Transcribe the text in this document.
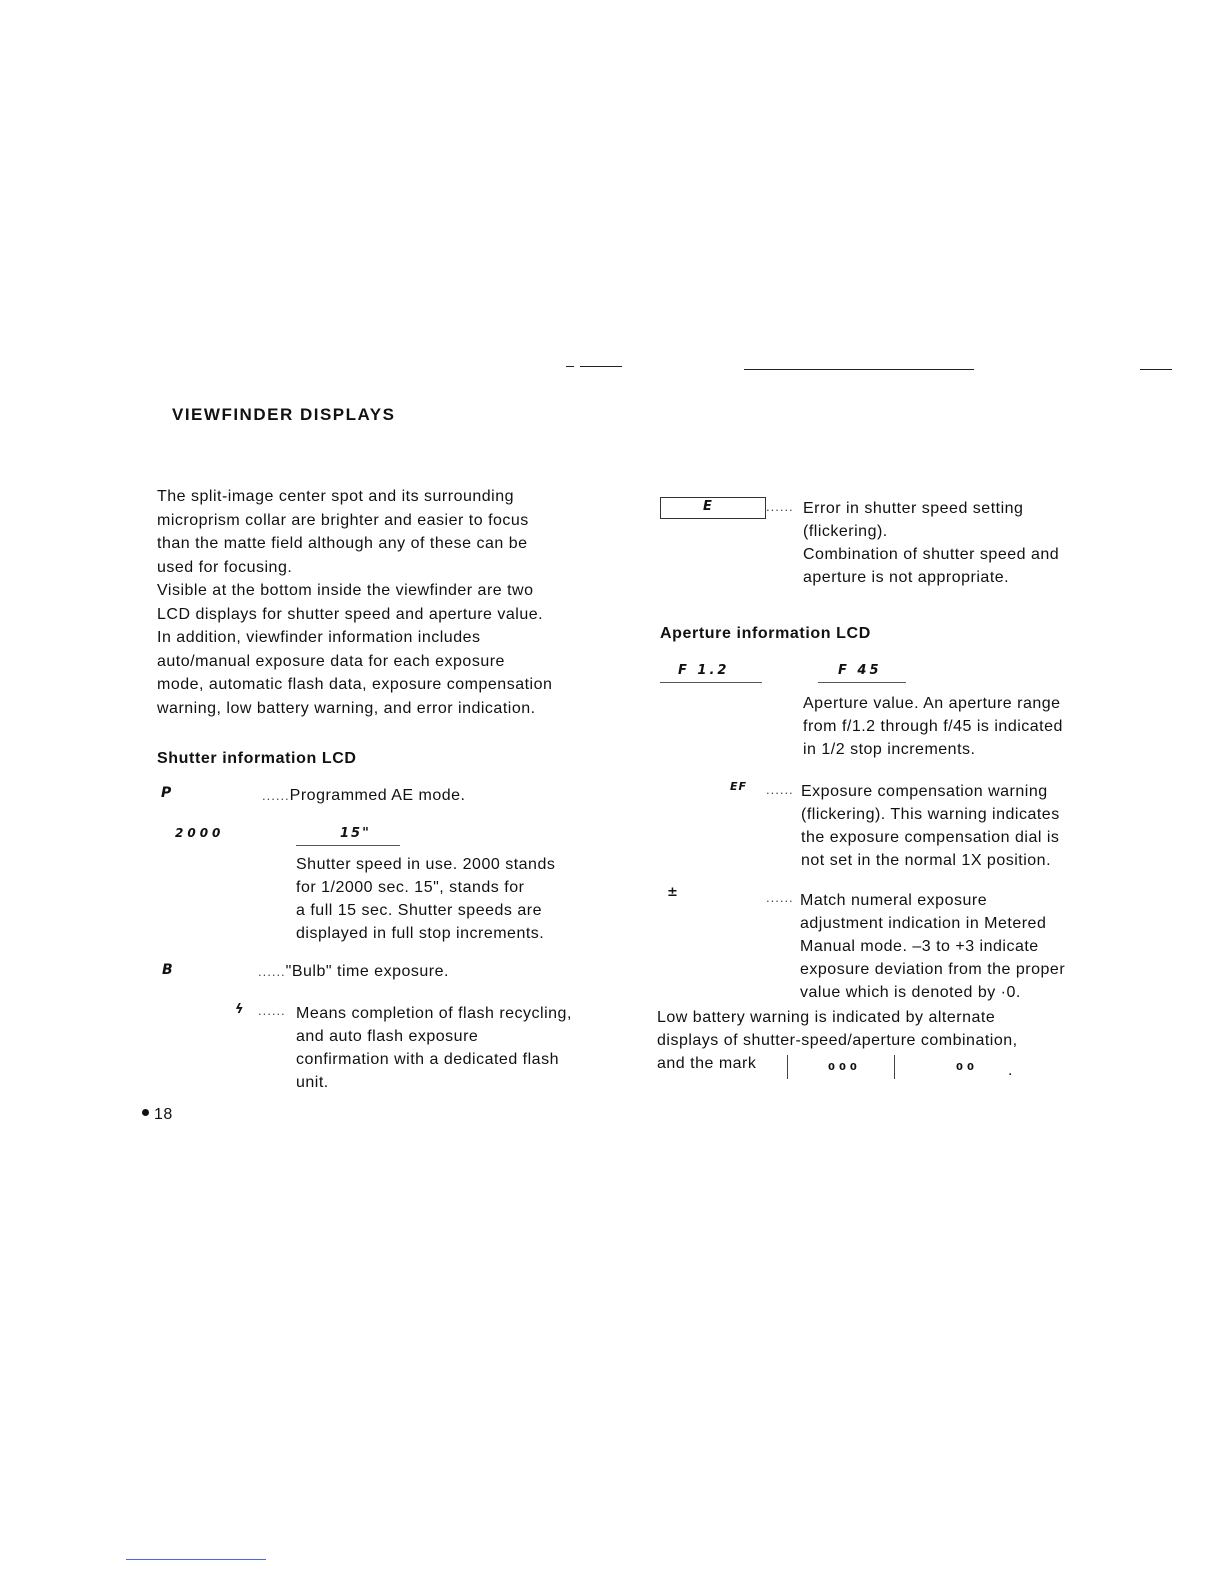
VIEWFINDER DISPLAYS

The split-image center spot and its surrounding

microprism collar are brighter and easier to focus

than the matte field although any of these can be

used for focusing.

Visible at the bottom inside the viewfinder are two

LCD displays for shutter speed and aperture value.

In addition, viewfinder information includes

auto/manual exposure data for each exposure

mode, automatic flash data, exposure compensation

warning, low battery warning, and error indication.

Shutter information LCD
P	......Programmed AE mode.
2000	15"

Shutter speed in use. 2000 stands

for 1/2000 sec. 15", stands for

a full 15 sec. Shutter speeds are

displayed in full stop increments.

B	......"Bulb" time exposure.
ϟ ...... Means completion of flash recycling,

and auto flash exposure

confirmation with a dedicated flash

unit.

18
E	...... Error in shutter speed setting

(flickering).

Combination of shutter speed and

aperture is not appropriate.

Aperture information LCD
F 1.2	F 45

Aperture value. An aperture range

from f/1.2 through f/45 is indicated

in 1/2 stop increments.

EF ...... Exposure compensation warning

(flickering). This warning indicates

the exposure compensation dial is

not set in the normal 1X position.

±	...... Match numeral exposure

adjustment indication in Metered

Manual mode. –3 to +3 indicate

exposure deviation from the proper

value which is denoted by ·0.

Low battery warning is indicated by alternate

displays of shutter-speed/aperture combination,

and the mark	000	00 .
